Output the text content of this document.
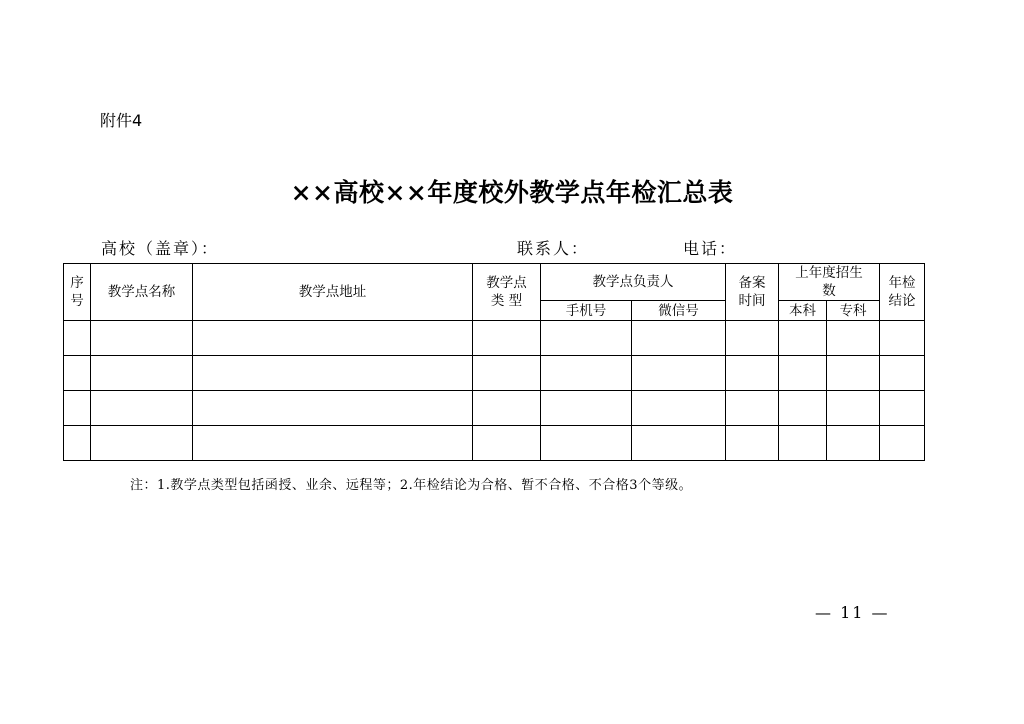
附件4
××高校××年度校外教学点年检汇总表
高校（盖章）：	联系人：	电话：
序号	教学点名称	教学点地址	教学点类 型	教学点负责人		备案时间	上年度招生数		年检结论

				手机号	微信号		本科	专科	

注：1.教学点类型包括函授、业余、远程等；2.年检结论为合格、暂不合格、不合格3个等级。
— 11 —
